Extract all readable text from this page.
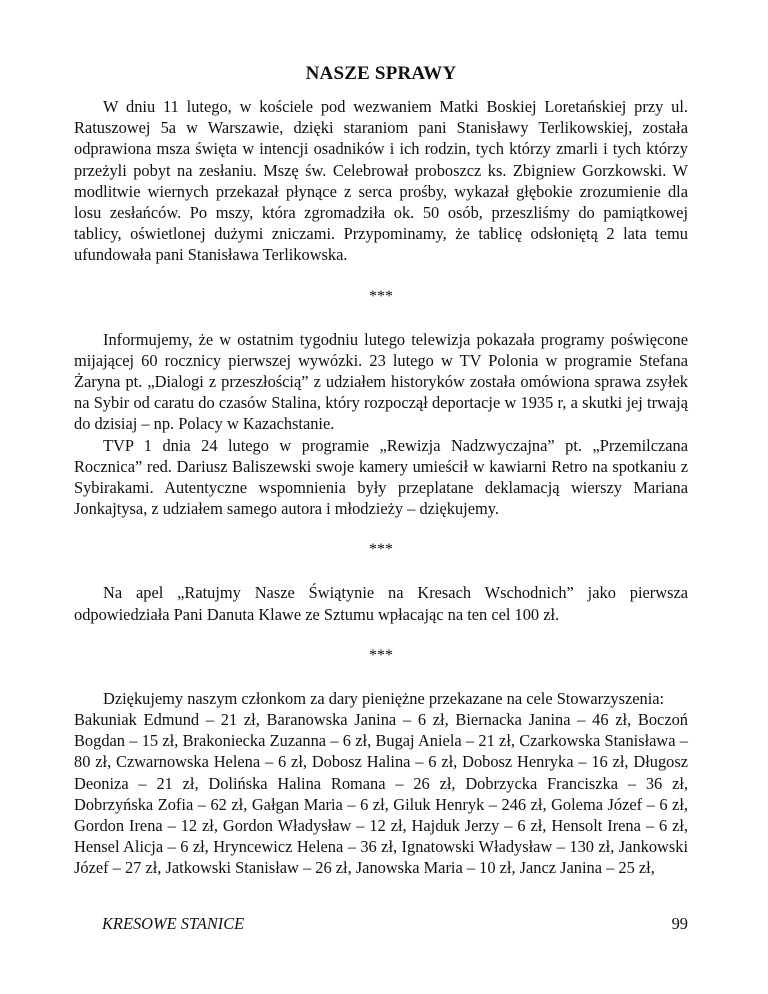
NASZE SPRAWY

W dniu 11 lutego, w kościele pod wezwaniem Matki Boskiej Loretańskiej przy ul. Ratuszowej 5a w Warszawie, dzięki staraniom pani Stanisławy Terlikowskiej, została odprawiona msza święta w intencji osadników i ich rodzin, tych którzy zmarli i tych którzy przeżyli pobyt na zesłaniu. Mszę św. Celebrował proboszcz ks. Zbigniew Gorzkowski. W modlitwie wiernych przekazał płynące z serca prośby, wykazał głębokie zrozumienie dla losu zesłańców. Po mszy, która zgromadziła ok. 50 osób, przeszliśmy do pamiątkowej tablicy, oświetlonej dużymi zniczami. Przypominamy, że tablicę odsłoniętą 2 lata temu ufundowała pani Stanisława Terlikowska.

***

Informujemy, że w ostatnim tygodniu lutego telewizja pokazała programy poświęcone mijającej 60 rocznicy pierwszej wywózki. 23 lutego w TV Polonia w programie Stefana Żaryna pt. „Dialogi z przeszłością” z udziałem historyków została omówiona sprawa zsyłek na Sybir od caratu do czasów Stalina, który rozpoczął deportacje w 1935 r, a skutki jej trwają do dzisiaj – np. Polacy w Kazachstanie.

TVP 1 dnia 24 lutego w programie „Rewizja Nadzwyczajna” pt. „Przemilczana Rocznica” red. Dariusz Baliszewski swoje kamery umieścił w kawiarni Retro na spotkaniu z Sybirakami. Autentyczne wspomnienia były przeplatane deklamacją wierszy Mariana Jonkajtysa, z udziałem samego autora i młodzieży – dziękujemy.

***

Na apel „Ratujmy Nasze Świątynie na Kresach Wschodnich” jako pierwsza odpowiedziała Pani Danuta Klawe ze Sztumu wpłacając na ten cel 100 zł.

***

Dziękujemy naszym członkom za dary pieniężne przekazane na cele Stowarzyszenia:

Bakuniak Edmund – 21 zł, Baranowska Janina – 6 zł, Biernacka Janina – 46 zł, Boczoń Bogdan – 15 zł, Brakoniecka Zuzanna – 6 zł, Bugaj Aniela – 21 zł, Czarkowska Stanisława – 80 zł, Czwarnowska Helena – 6 zł, Dobosz Halina – 6 zł, Dobosz Henryka – 16 zł, Długosz Deoniza – 21 zł, Dolińska Halina Romana – 26 zł, Dobrzycka Franciszka – 36 zł, Dobrzyńska Zofia – 62 zł, Gałgan Maria – 6 zł, Giluk Henryk – 246 zł, Golema Józef – 6 zł, Gordon Irena – 12 zł, Gordon Władysław – 12 zł, Hajduk Jerzy – 6 zł, Hensolt Irena – 6 zł, Hensel Alicja – 6 zł, Hryncewicz Helena – 36 zł, Ignatowski Władysław – 130 zł, Jankowski Józef – 27 zł, Jatkowski Stanisław – 26 zł, Janowska Maria – 10 zł, Jancz Janina – 25 zł,

KRESOWE STANICE	99
